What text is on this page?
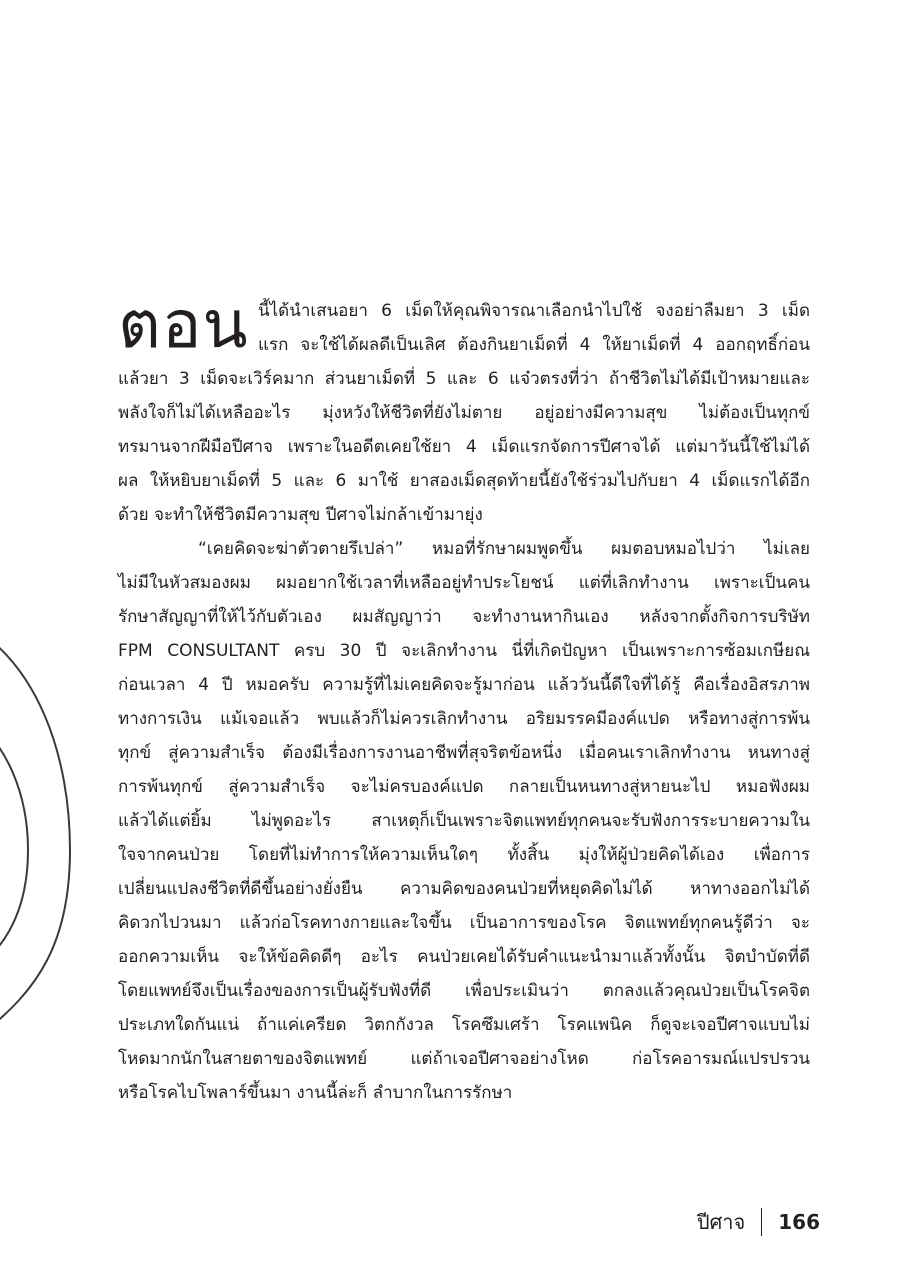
ตอน นี้ได้นำเสนอยา 6 เม็ดให้คุณพิจารณาเลือกนำไปใช้ จงอย่าลืมยา 3 เม็ด
แรก จะใช้ได้ผลดีเป็นเลิศ ต้องกินยาเม็ดที่ 4 ให้ยาเม็ดที่ 4 ออกฤทธิ์ก่อน
แล้วยา 3 เม็ดจะเวิร์คมาก ส่วนยาเม็ดที่ 5 และ 6 แจ๋วตรงที่ว่า ถ้าชีวิตไม่ได้มีเป้าหมายและ
พลังใจก็ไม่ได้เหลืออะไร มุ่งหวังให้ชีวิตที่ยังไม่ตาย อยู่อย่างมีความสุข ไม่ต้องเป็นทุกข์
ทรมานจากฝีมือปีศาจ เพราะในอดีตเคยใช้ยา 4 เม็ดแรกจัดการปีศาจได้ แต่มาวันนี้ใช้ไม่ได้
ผล ให้หยิบยาเม็ดที่ 5 และ 6 มาใช้ ยาสองเม็ดสุดท้ายนี้ยังใช้ร่วมไปกับยา 4 เม็ดแรกได้อีก
ด้วย จะทำให้ชีวิตมีความสุข ปีศาจไม่กล้าเข้ามายุ่ง
“เคยคิดจะฆ่าตัวตายรึเปล่า” หมอที่รักษาผมพูดขึ้น ผมตอบหมอไปว่า ไม่เลย
ไม่มีในหัวสมองผม ผมอยากใช้เวลาที่เหลืออยู่ทำประโยชน์ แต่ที่เลิกทำงาน เพราะเป็นคน
รักษาสัญญาที่ให้ไว้กับตัวเอง ผมสัญญาว่า จะทำงานหากินเอง หลังจากตั้งกิจการบริษัท
FPM CONSULTANT ครบ 30 ปี จะเลิกทำงาน นี่ที่เกิดปัญหา เป็นเพราะการซ้อมเกษียณ
ก่อนเวลา 4 ปี หมอครับ ความรู้ที่ไม่เคยคิดจะรู้มาก่อน แล้ววันนี้ดีใจที่ได้รู้ คือเรื่องอิสรภาพ
ทางการเงิน แม้เจอแล้ว พบแล้วก็ไม่ควรเลิกทำงาน อริยมรรคมีองค์แปด หรือทางสู่การพ้น
ทุกข์ สู่ความสำเร็จ ต้องมีเรื่องการงานอาชีพที่สุจริตข้อหนึ่ง เมื่อคนเราเลิกทำงาน หนทางสู่
การพ้นทุกข์ สู่ความสำเร็จ จะไม่ครบองค์แปด กลายเป็นหนทางสู่หายนะไป หมอฟังผม
แล้วได้แต่ยิ้ม ไม่พูดอะไร สาเหตุก็เป็นเพราะจิตแพทย์ทุกคนจะรับฟังการระบายความใน
ใจจากคนป่วย โดยที่ไม่ทำการให้ความเห็นใดๆ ทั้งสิ้น มุ่งให้ผู้ป่วยคิดได้เอง เพื่อการ
เปลี่ยนแปลงชีวิตที่ดีขึ้นอย่างยั่งยืน ความคิดของคนป่วยที่หยุดคิดไม่ได้ หาทางออกไม่ได้
คิดวกไปวนมา แล้วก่อโรคทางกายและใจขึ้น เป็นอาการของโรค จิตแพทย์ทุกคนรู้ดีว่า จะ
ออกความเห็น จะให้ข้อคิดดีๆ อะไร คนป่วยเคยได้รับคำแนะนำมาแล้วทั้งนั้น จิตบำบัดที่ดี
โดยแพทย์จึงเป็นเรื่องของการเป็นผู้รับฟังที่ดี เพื่อประเมินว่า ตกลงแล้วคุณป่วยเป็นโรคจิต
ประเภทใดกันแน่ ถ้าแค่เครียด วิตกกังวล โรคซึมเศร้า โรคแพนิค ก็ดูจะเจอปีศาจแบบไม่
โหดมากนักในสายตาของจิตแพทย์ แต่ถ้าเจอปีศาจอย่างโหด ก่อโรคอารมณ์แปรปรวน
หรือโรคไบโพลาร์ขึ้นมา งานนี้ล่ะก็ ลำบากในการรักษา
ปีศาจ 166
